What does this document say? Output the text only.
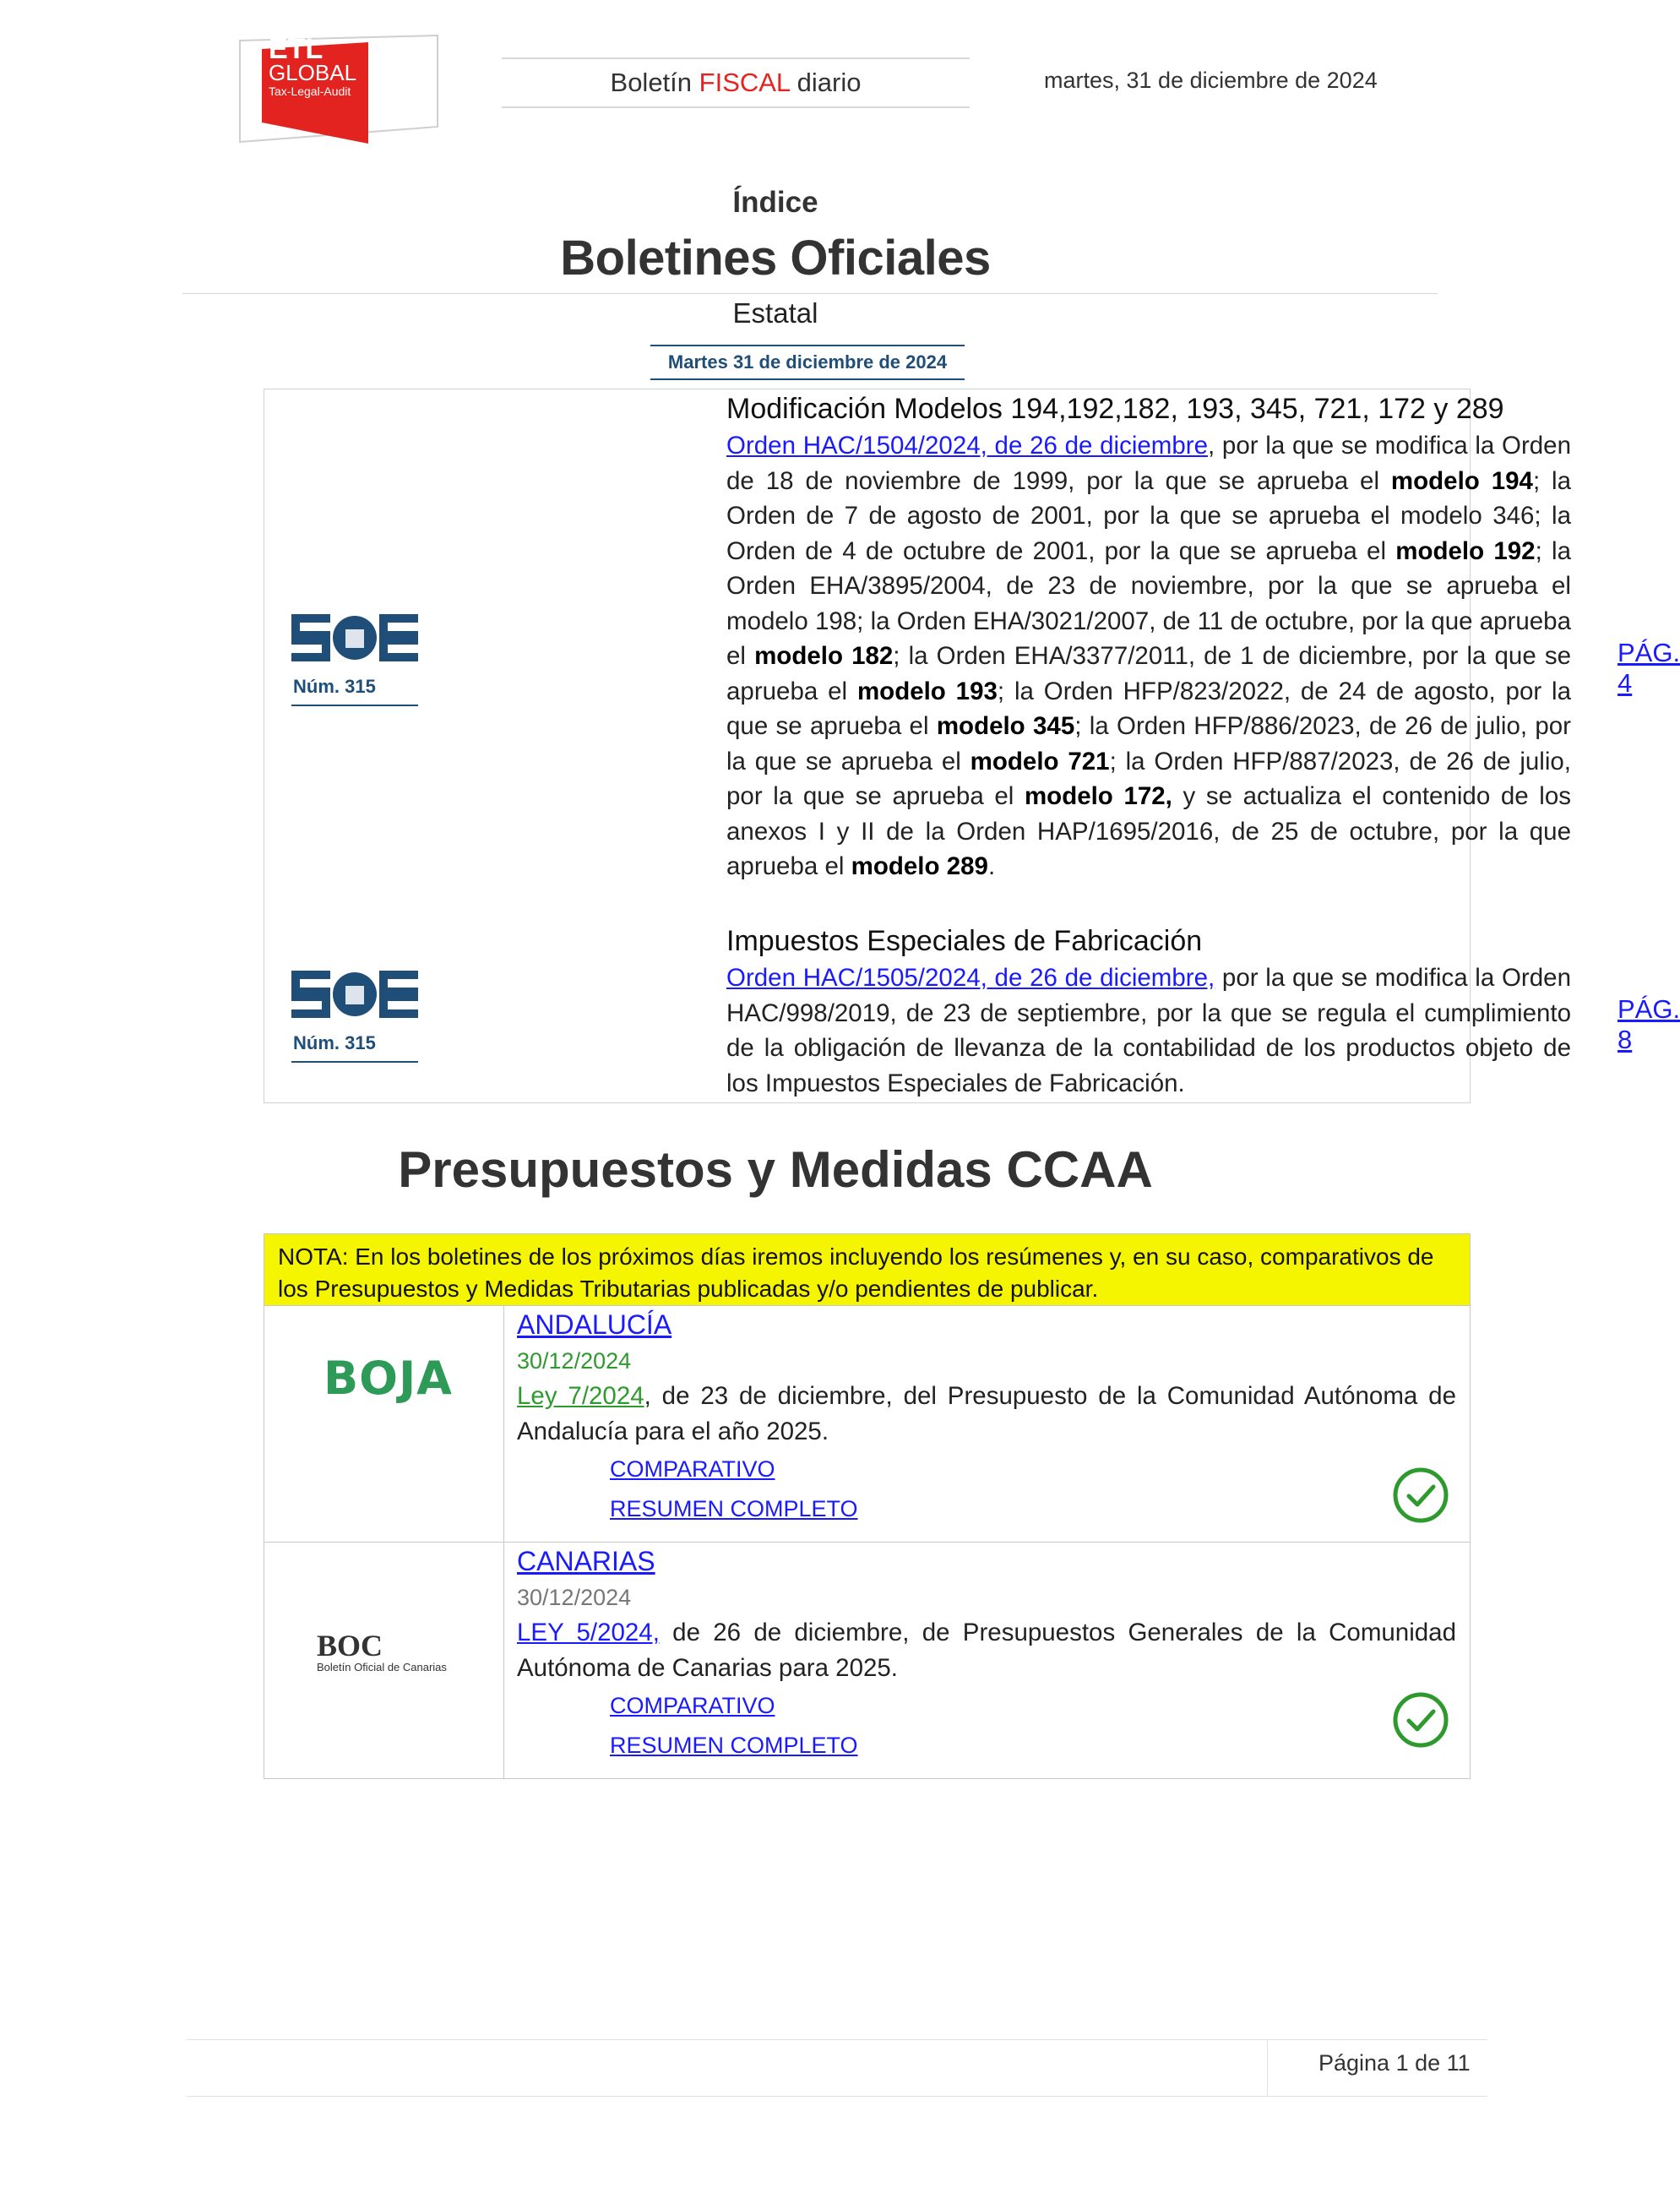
ETL
GLOBAL
Tax-Legal-Audit	Boletín FISCAL diario	martes, 31 de diciembre de 2024
Índice
Boletines Oficiales
Estatal
Martes 31 de diciembre de 2024
Núm. 315
Modificación Modelos 194,192,182, 193, 345, 721, 172 y 289
Orden HAC/1504/2024, de 26 de diciembre, por la que se modifica la Orden de 18 de noviembre de 1999, por la que se aprueba el modelo 194; la Orden de 7 de agosto de 2001, por la que se aprueba el modelo 346; la Orden de 4 de octubre de 2001, por la que se aprueba el modelo 192; la Orden EHA/3895/2004, de 23 de noviembre, por la que se aprueba el modelo 198; la Orden EHA/3021/2007, de 11 de octubre, por la que aprueba el modelo 182; la Orden EHA/3377/2011, de 1 de diciembre, por la que se aprueba el modelo 193; la Orden HFP/823/2022, de 24 de agosto, por la que se aprueba el modelo 345; la Orden HFP/886/2023, de 26 de julio, por la que se aprueba el modelo 721; la Orden HFP/887/2023, de 26 de julio, por la que se aprueba el modelo 172, y se actualiza el contenido de los anexos I y II de la Orden HAP/1695/2016, de 25 de octubre, por la que aprueba el modelo 289.
PÁG. 4
Núm. 315
Impuestos Especiales de Fabricación
Orden HAC/1505/2024, de 26 de diciembre, por la que se modifica la Orden HAC/998/2019, de 23 de septiembre, por la que se regula el cumplimiento de la obligación de llevanza de la contabilidad de los productos objeto de los Impuestos Especiales de Fabricación.
PÁG. 8
Presupuestos y Medidas CCAA
NOTA: En los boletines de los próximos días iremos incluyendo los resúmenes y, en su caso, comparativos de los Presupuestos y Medidas Tributarias publicadas y/o pendientes de publicar.
BOJA
ANDALUCÍA
30/12/2024
Ley 7/2024, de 23 de diciembre, del Presupuesto de la Comunidad Autónoma de Andalucía para el año 2025.
COMPARATIVO
RESUMEN COMPLETO
BOC
Boletín Oficial de Canarias
CANARIAS
30/12/2024
LEY 5/2024, de 26 de diciembre, de Presupuestos Generales de la Comunidad Autónoma de Canarias para 2025.
COMPARATIVO
RESUMEN COMPLETO
Página 1 de 11
